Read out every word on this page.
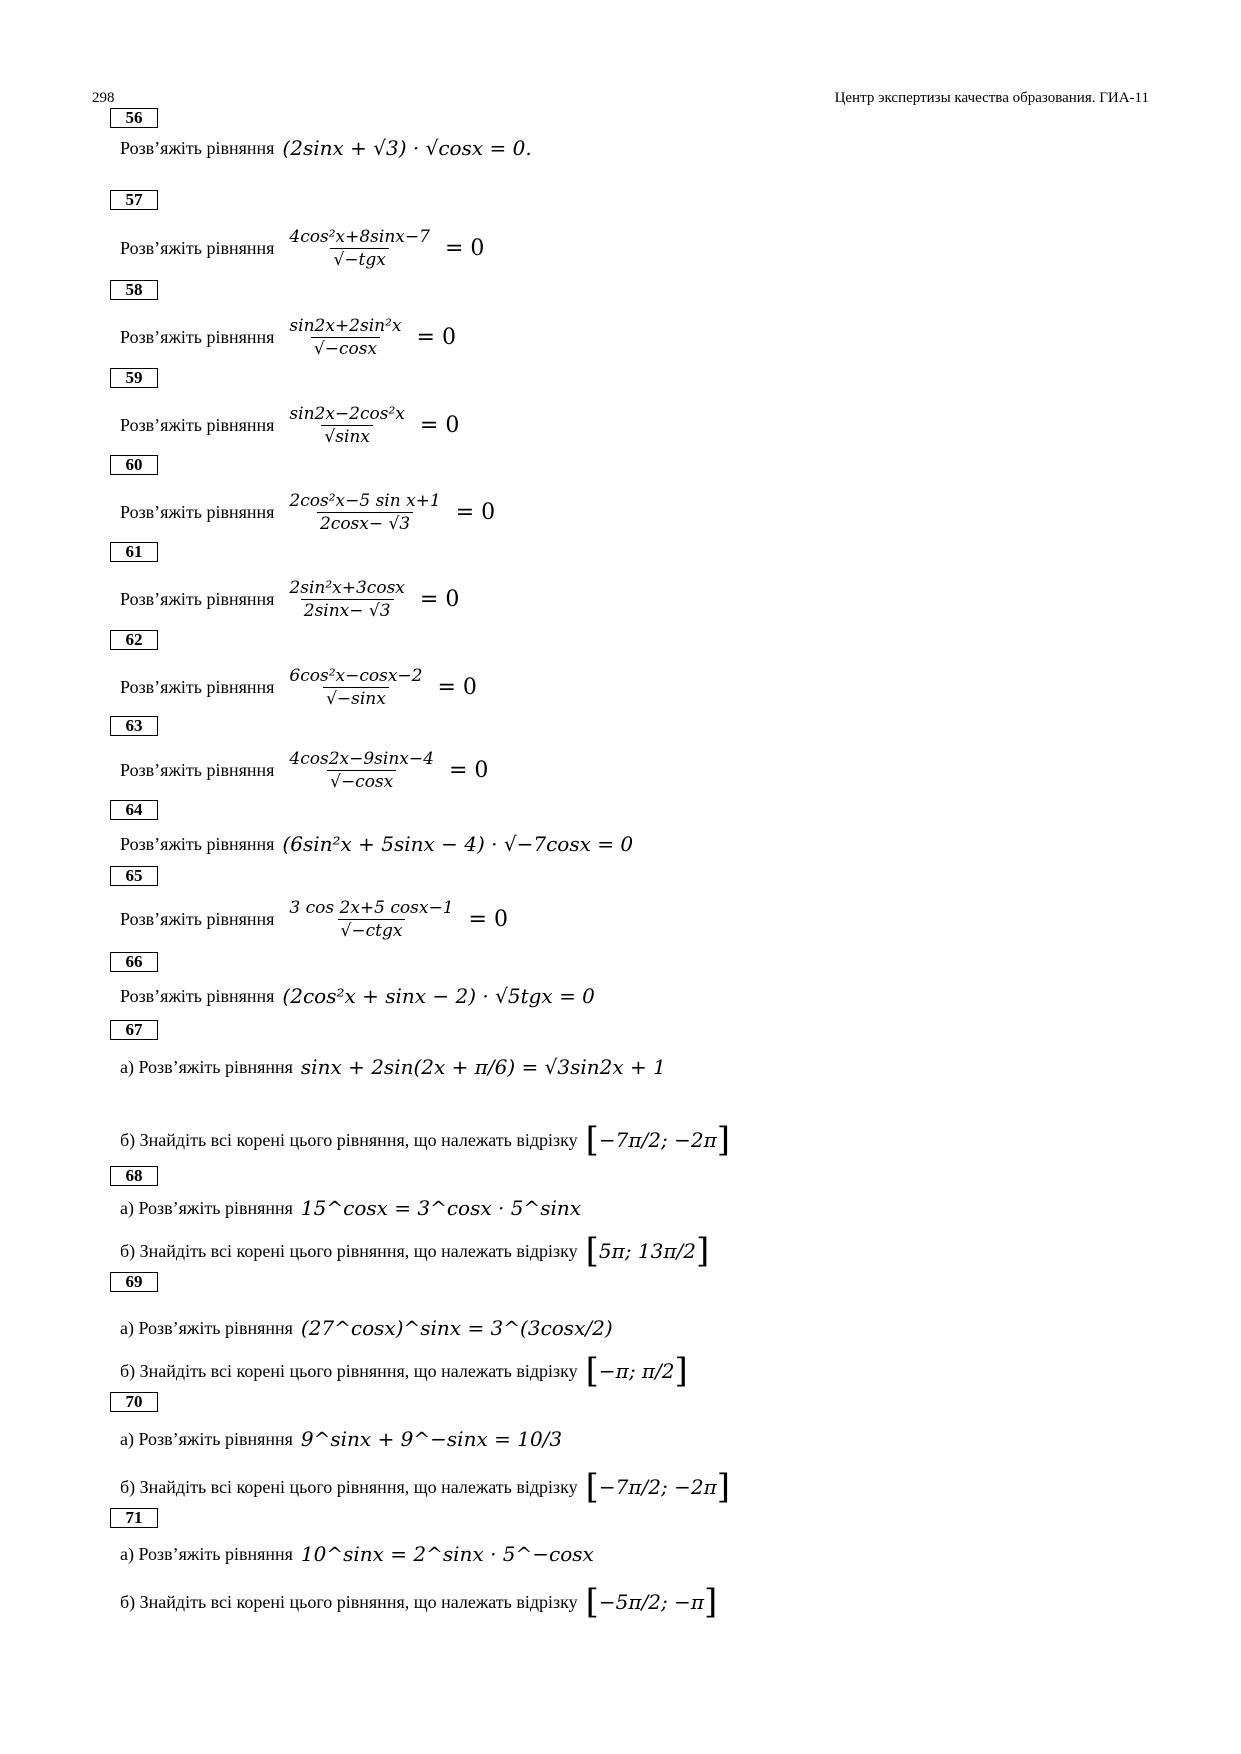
298	Центр экспертизы качества образования. ГИА-11
56
Розв’яжіть рівняння (2sinx + √3) · √cosx = 0.
57
Розв’яжіть рівняння $\frac{\text{4cos²x+8sinx−7}}{\text{√−tgx}} = 0$
58
Розв’яжіть рівняння $\frac{\text{sin2x+2sin²x}}{√-\cos x} = 0$
59
Розв’яжіть рівняння $\frac{\text{sin2x−2cos²x}}{√\sin x} = 0$
60
Розв’яжіть рівняння $\frac{\text{2cos²x−5 sin x+1}}{2\cos x- √3} = 0$
61
Розв’яжіть рівняння $\frac{\text{2sin²x+3cosx}}{2\sin x- √3} = 0$
62
Розв’яжіть рівняння $\frac{\text{6cos²x−cosx−2}}{√-\sin x} = 0$
63
Розв’яжіть рівняння $\frac{4\cos 2x-9\sin x-4}{√-\cos x} = 0$
64
Розв’яжіть рівняння (6sin²x + 5sinx − 4) · √−7cosx = 0
65
Розв’яжіть рівняння $\frac{3 \cos 2x+5 \cos x-1}{\text{√−ctgx}} = 0$
66
Розв’яжіть рівняння (2cos²x + sinx − 2) · √5tgx = 0
67
а) Розв’яжіть рівняння sinx + 2sin(2x + π/6) = √3sin2x + 1
б) Знайдіть всі корені цього рівняння, що належать відрізку [ −7π/2 ; −2π ]
68
а) Розв’яжіть рівняння 15^cosx = 3^cosx · 5^sinx
б) Знайдіть всі корені цього рівняння, що належать відрізку [ 5π ; 13π/2 ]
69
а) Розв’яжіть рівняння (27^cosx)^sinx = 3^(3cosx/2)
б) Знайдіть всі корені цього рівняння, що належать відрізку [ −π ; π/2 ]
70
а) Розв’яжіть рівняння 9^sinx + 9^−sinx = 10/3
б) Знайдіть всі корені цього рівняння, що належать відрізку [ −7π/2 ; −2π ]
71
а) Розв’яжіть рівняння 10^sinx = 2^sinx · 5^−cosx
б) Знайдіть всі корені цього рівняння, що належать відрізку [ −5π/2 ; −π ]
